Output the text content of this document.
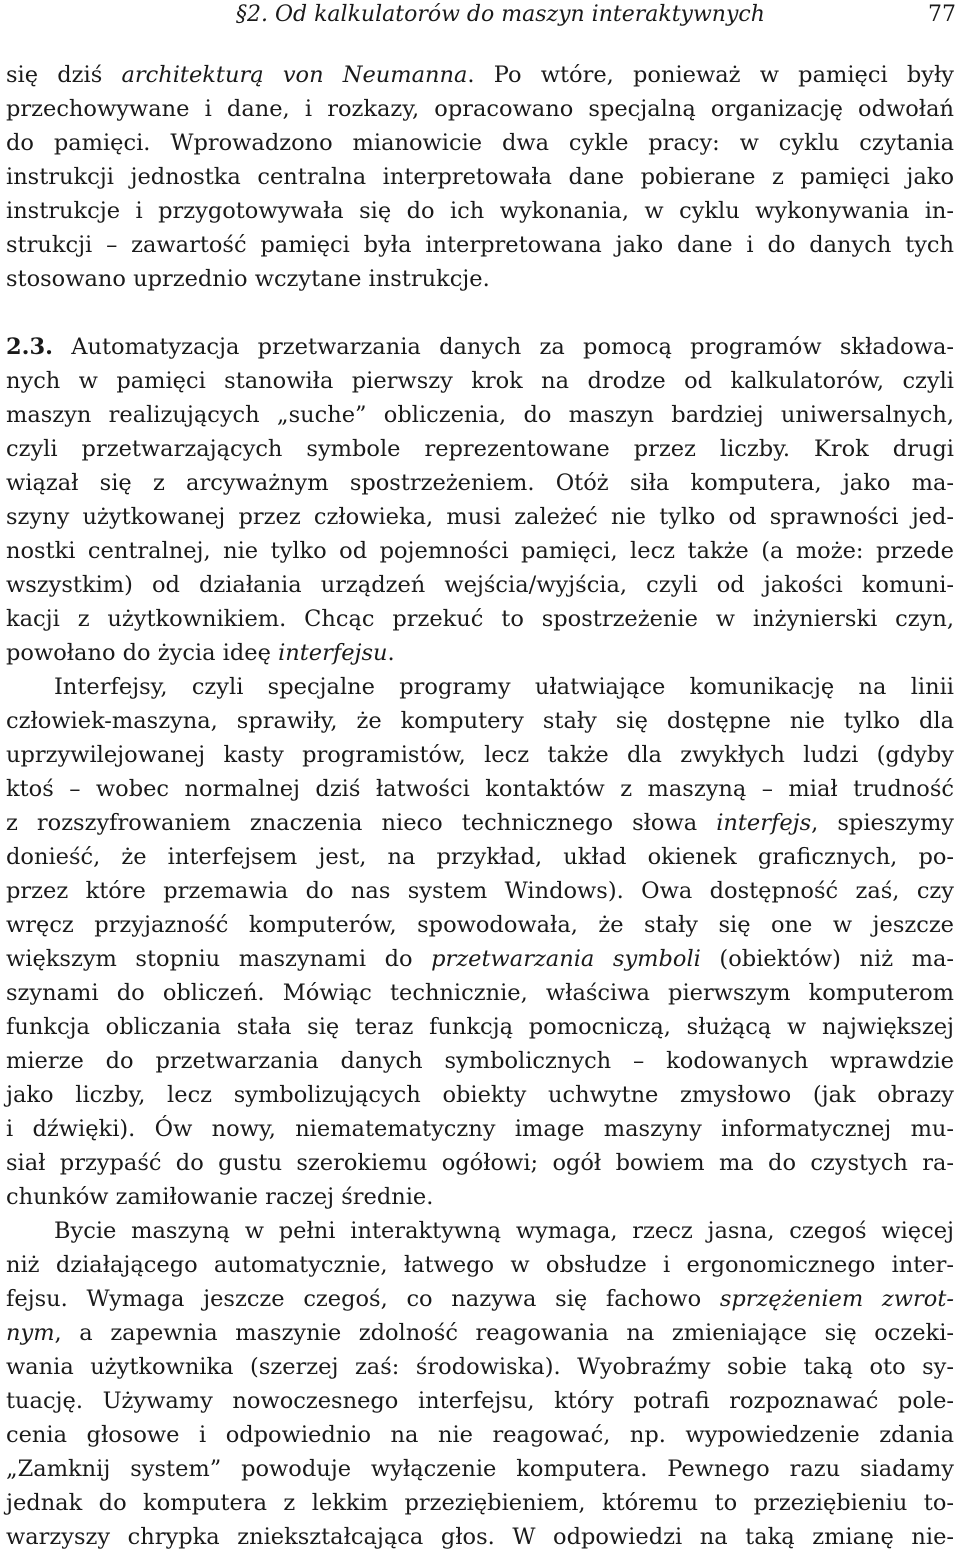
§2. Od kalkulatorów do maszyn interaktywnych	77
się dziś architekturą von Neumanna. Po wtóre, ponieważ w pamięci były
przechowywane i dane, i rozkazy, opracowano specjalną organizację odwołań
do pamięci. Wprowadzono mianowicie dwa cykle pracy: w cyklu czytania
instrukcji jednostka centralna interpretowała dane pobierane z pamięci jako
instrukcje i przygotowywała się do ich wykonania, w cyklu wykonywania in-
strukcji – zawartość pamięci była interpretowana jako dane i do danych tych
stosowano uprzednio wczytane instrukcje.
2.3. Automatyzacja przetwarzania danych za pomocą programów składowa-
nych w pamięci stanowiła pierwszy krok na drodze od kalkulatorów, czyli
maszyn realizujących „suche” obliczenia, do maszyn bardziej uniwersalnych,
czyli przetwarzających symbole reprezentowane przez liczby. Krok drugi
wiązał się z arcyważnym spostrzeżeniem. Otóż siła komputera, jako ma-
szyny użytkowanej przez człowieka, musi zależeć nie tylko od sprawności jed-
nostki centralnej, nie tylko od pojemności pamięci, lecz także (a może: przede
wszystkim) od działania urządzeń wejścia/wyjścia, czyli od jakości komuni-
kacji z użytkownikiem. Chcąc przekuć to spostrzeżenie w inżynierski czyn,
powołano do życia ideę interfejsu.
Interfejsy, czyli specjalne programy ułatwiające komunikację na linii
człowiek-maszyna, sprawiły, że komputery stały się dostępne nie tylko dla
uprzywilejowanej kasty programistów, lecz także dla zwykłych ludzi (gdyby
ktoś – wobec normalnej dziś łatwości kontaktów z maszyną – miał trudność
z rozszyfrowaniem znaczenia nieco technicznego słowa interfejs, spieszymy
donieść, że interfejsem jest, na przykład, układ okienek graficznych, po-
przez które przemawia do nas system Windows). Owa dostępność zaś, czy
wręcz przyjazność komputerów, spowodowała, że stały się one w jeszcze
większym stopniu maszynami do przetwarzania symboli (obiektów) niż ma-
szynami do obliczeń. Mówiąc technicznie, właściwa pierwszym komputerom
funkcja obliczania stała się teraz funkcją pomocniczą, służącą w największej
mierze do przetwarzania danych symbolicznych – kodowanych wprawdzie
jako liczby, lecz symbolizujących obiekty uchwytne zmysłowo (jak obrazy
i dźwięki). Ów nowy, niematematyczny image maszyny informatycznej mu-
siał przypaść do gustu szerokiemu ogółowi; ogół bowiem ma do czystych ra-
chunków zamiłowanie raczej średnie.
Bycie maszyną w pełni interaktywną wymaga, rzecz jasna, czegoś więcej
niż działającego automatycznie, łatwego w obsłudze i ergonomicznego inter-
fejsu. Wymaga jeszcze czegoś, co nazywa się fachowo sprzężeniem zwrot-
nym, a zapewnia maszynie zdolność reagowania na zmieniające się oczeki-
wania użytkownika (szerzej zaś: środowiska). Wyobraźmy sobie taką oto sy-
tuację. Używamy nowoczesnego interfejsu, który potrafi rozpoznawać pole-
cenia głosowe i odpowiednio na nie reagować, np. wypowiedzenie zdania
„Zamknij system” powoduje wyłączenie komputera. Pewnego razu siadamy
jednak do komputera z lekkim przeziębieniem, któremu to przeziębieniu to-
warzyszy chrypka zniekształcająca głos. W odpowiedzi na taką zmianę nie-
